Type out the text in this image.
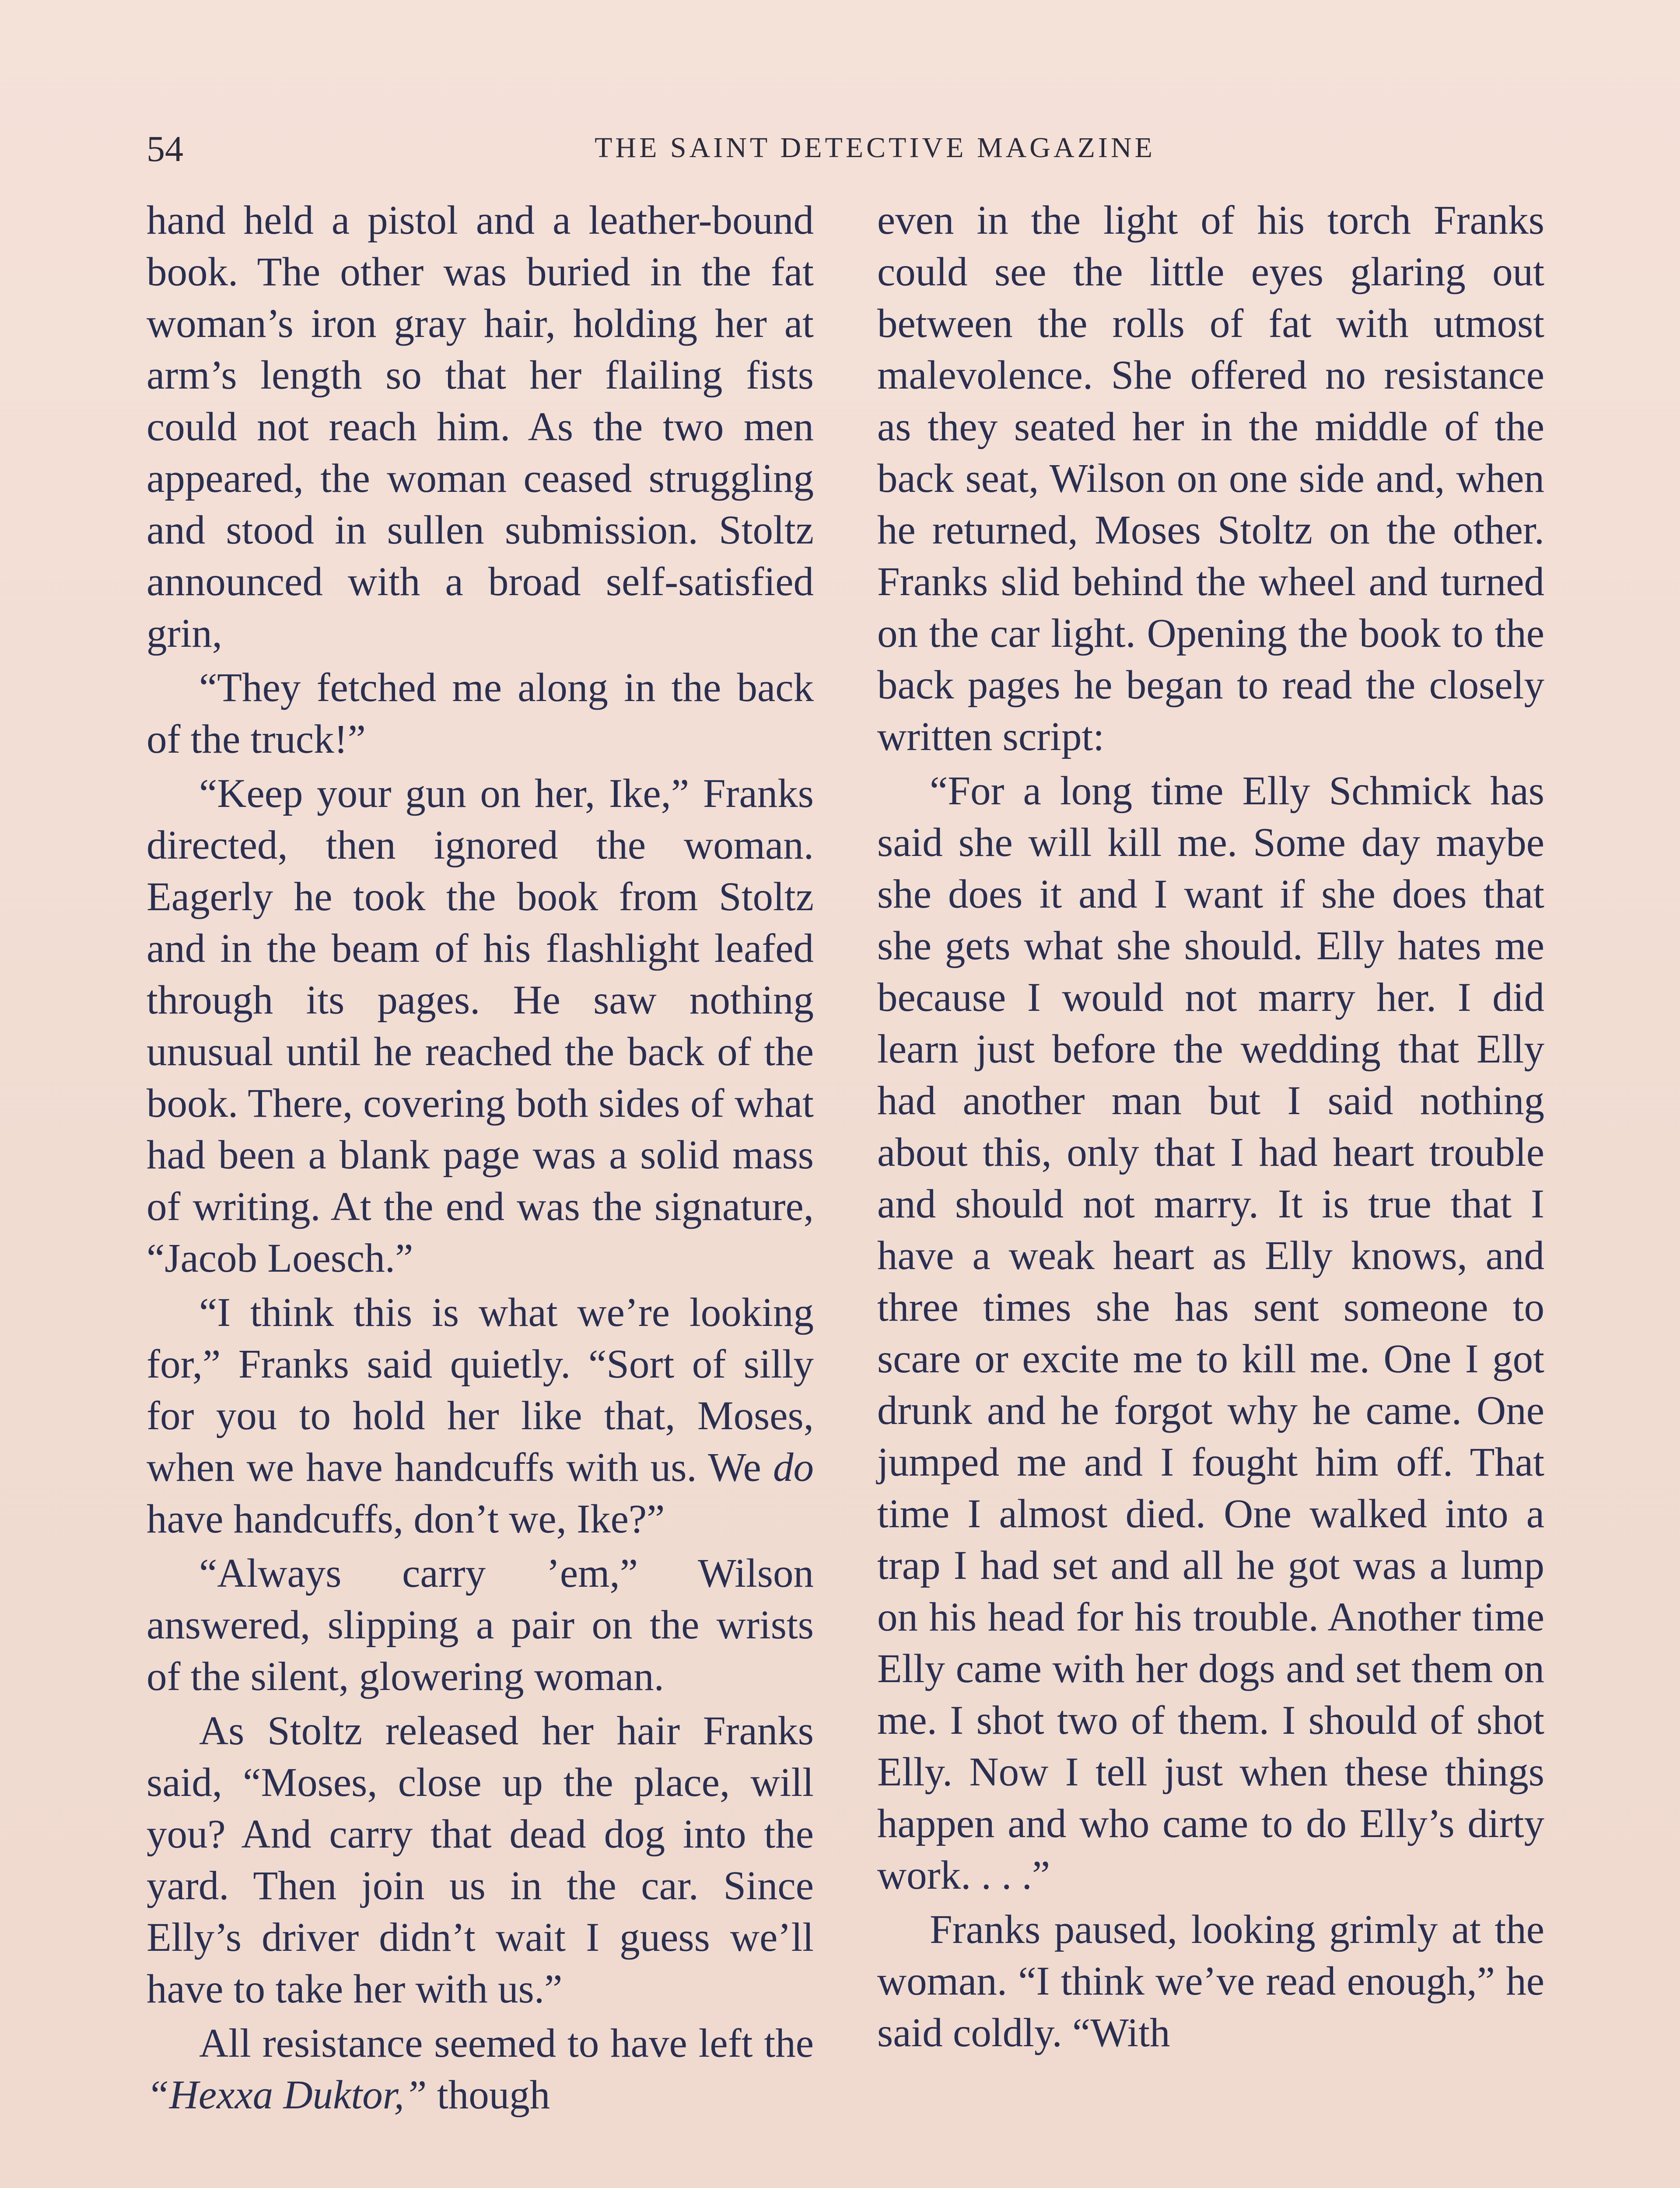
54	THE SAINT DETECTIVE MAGAZINE

hand held a pistol and a leather-bound book. The other was buried in the fat woman’s iron gray hair, holding her at arm’s length so that her flailing fists could not reach him. As the two men appeared, the woman ceased struggling and stood in sullen submission. Stoltz announced with a broad self-satisfied grin,

“They fetched me along in the back of the truck!”

“Keep your gun on her, Ike,” Franks directed, then ignored the woman. Eagerly he took the book from Stoltz and in the beam of his flashlight leafed through its pages. He saw nothing unusual until he reached the back of the book. There, covering both sides of what had been a blank page was a solid mass of writing. At the end was the signature, “Jacob Loesch.”

“I think this is what we’re looking for,” Franks said quietly. “Sort of silly for you to hold her like that, Moses, when we have handcuffs with us. We do have handcuffs, don’t we, Ike?”

“Always carry ’em,” Wilson answered, slipping a pair on the wrists of the silent, glowering woman.

As Stoltz released her hair Franks said, “Moses, close up the place, will you? And carry that dead dog into the yard. Then join us in the car. Since Elly’s driver didn’t wait I guess we’ll have to take her with us.”

All resistance seemed to have left the “Hexxa Duktor,” though

even in the light of his torch Franks could see the little eyes glaring out between the rolls of fat with utmost malevolence. She offered no resistance as they seated her in the middle of the back seat, Wilson on one side and, when he returned, Moses Stoltz on the other. Franks slid behind the wheel and turned on the car light. Opening the book to the back pages he began to read the closely written script:

“For a long time Elly Schmick has said she will kill me. Some day maybe she does it and I want if she does that she gets what she should. Elly hates me because I would not marry her. I did learn just before the wedding that Elly had another man but I said nothing about this, only that I had heart trouble and should not marry. It is true that I have a weak heart as Elly knows, and three times she has sent someone to scare or excite me to kill me. One I got drunk and he forgot why he came. One jumped me and I fought him off. That time I almost died. One walked into a trap I had set and all he got was a lump on his head for his trouble. Another time Elly came with her dogs and set them on me. I shot two of them. I should of shot Elly. Now I tell just when these things happen and who came to do Elly’s dirty work. . . .”

Franks paused, looking grimly at the woman. “I think we’ve read enough,” he said coldly. “With
